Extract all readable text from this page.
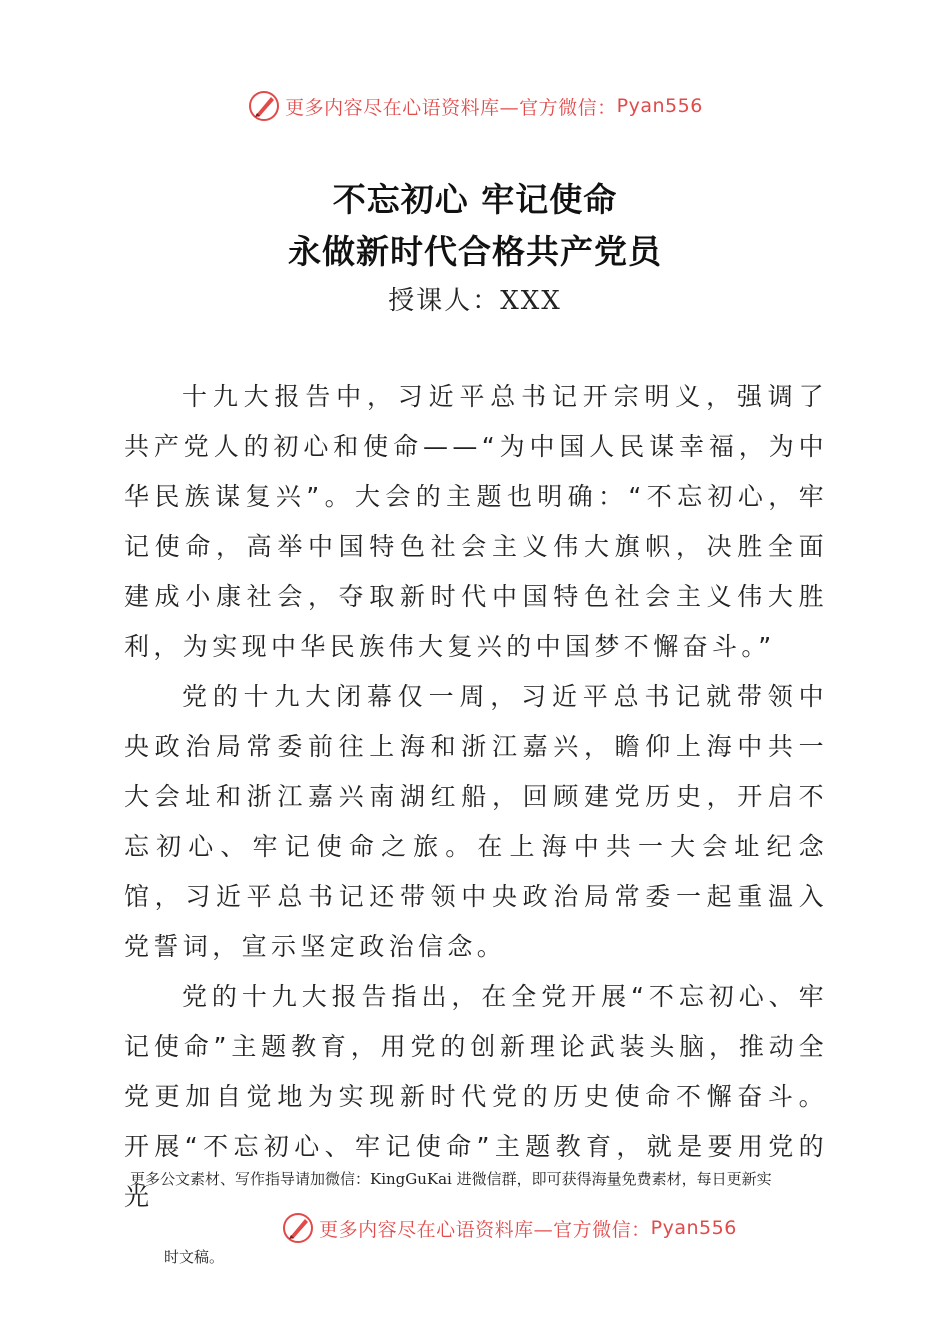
更多内容尽在心语资料库—官方微信： Pyan556
不忘初心 牢记使命
永做新时代合格共产党员
授课人：XXX

十九大报告中，习近平总书记开宗明义，强调了共产党人的初心和使命——“为中国人民谋幸福，为中华民族谋复兴”。大会的主题也明确：“不忘初心，牢记使命，高举中国特色社会主义伟大旗帜，决胜全面建成小康社会，夺取新时代中国特色社会主义伟大胜利，为实现中华民族伟大复兴的中国梦不懈奋斗。”

党的十九大闭幕仅一周，习近平总书记就带领中央政治局常委前往上海和浙江嘉兴，瞻仰上海中共一大会址和浙江嘉兴南湖红船，回顾建党历史，开启不忘初心、牢记使命之旅。在上海中共一大会址纪念馆，习近平总书记还带领中央政治局常委一起重温入党誓词，宣示坚定政治信念。

党的十九大报告指出，在全党开展“不忘初心、牢记使命”主题教育，用党的创新理论武装头脑，推动全党更加自觉地为实现新时代党的历史使命不懈奋斗。开展“不忘初心、牢记使命”主题教育，就是要用党的光

更多公文素材、写作指导请加微信：KingGuKai 进微信群，即可获得海量免费素材，每日更新实
更多内容尽在心语资料库—官方微信： Pyan556
时文稿。
